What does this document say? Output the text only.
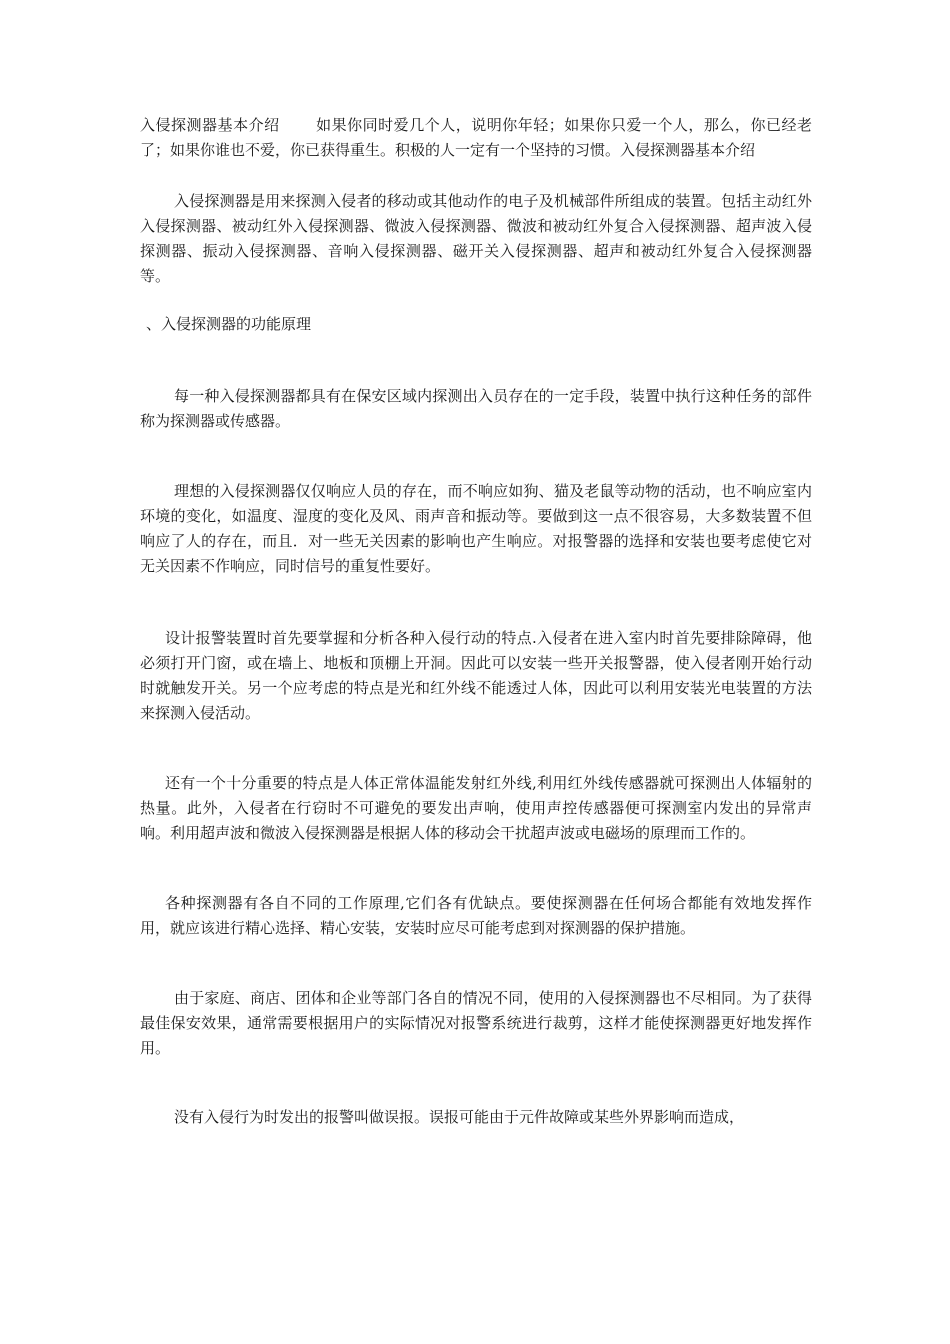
入侵探测器基本介绍 如果你同时爱几个人，说明你年轻；如果你只爱一个人，那么，你已经老了；如果你谁也不爱，你已获得重生。积极的人一定有一个坚持的习惯。入侵探测器基本介绍

入侵探测器是用来探测入侵者的移动或其他动作的电子及机械部件所组成的装置。包括主动红外入侵探测器、被动红外入侵探测器、微波入侵探测器、微波和被动红外复合入侵探测器、超声波入侵探测器、振动入侵探测器、音响入侵探测器、磁开关入侵探测器、超声和被动红外复合入侵探测器等。

、入侵探测器的功能原理

每一种入侵探测器都具有在保安区域内探测出入员存在的一定手段，装置中执行这种任务的部件称为探测器或传感器。

理想的入侵探测器仅仅响应人员的存在，而不响应如狗、猫及老鼠等动物的活动，也不响应室内环境的变化，如温度、湿度的变化及风、雨声音和振动等。要做到这一点不很容易，大多数装置不但响应了人的存在，而且．对一些无关因素的影响也产生响应。对报警器的选择和安装也要考虑使它对无关因素不作响应，同时信号的重复性要好。

设计报警装置时首先要掌握和分析各种入侵行动的特点.入侵者在进入室内时首先要排除障碍，他必须打开门窗，或在墙上、地板和顶棚上开洞。因此可以安装一些开关报警器，使入侵者刚开始行动时就触发开关。另一个应考虑的特点是光和红外线不能透过人体，因此可以利用安装光电装置的方法来探测入侵活动。

还有一个十分重要的特点是人体正常体温能发射红外线,利用红外线传感器就可探测出人体辐射的热量。此外，入侵者在行窃时不可避免的要发出声响，使用声控传感器便可探测室内发出的异常声响。利用超声波和微波入侵探测器是根据人体的移动会干扰超声波或电磁场的原理而工作的。

各种探测器有各自不同的工作原理,它们各有优缺点。要使探测器在任何场合都能有效地发挥作用，就应该进行精心选择、精心安装，安装时应尽可能考虑到对探测器的保护措施。

由于家庭、商店、团体和企业等部门各自的情况不同，使用的入侵探测器也不尽相同。为了获得最佳保安效果，通常需要根据用户的实际情况对报警系统进行裁剪，这样才能使探测器更好地发挥作用。

没有入侵行为时发出的报警叫做误报。误报可能由于元件故障或某些外界影响而造成，
